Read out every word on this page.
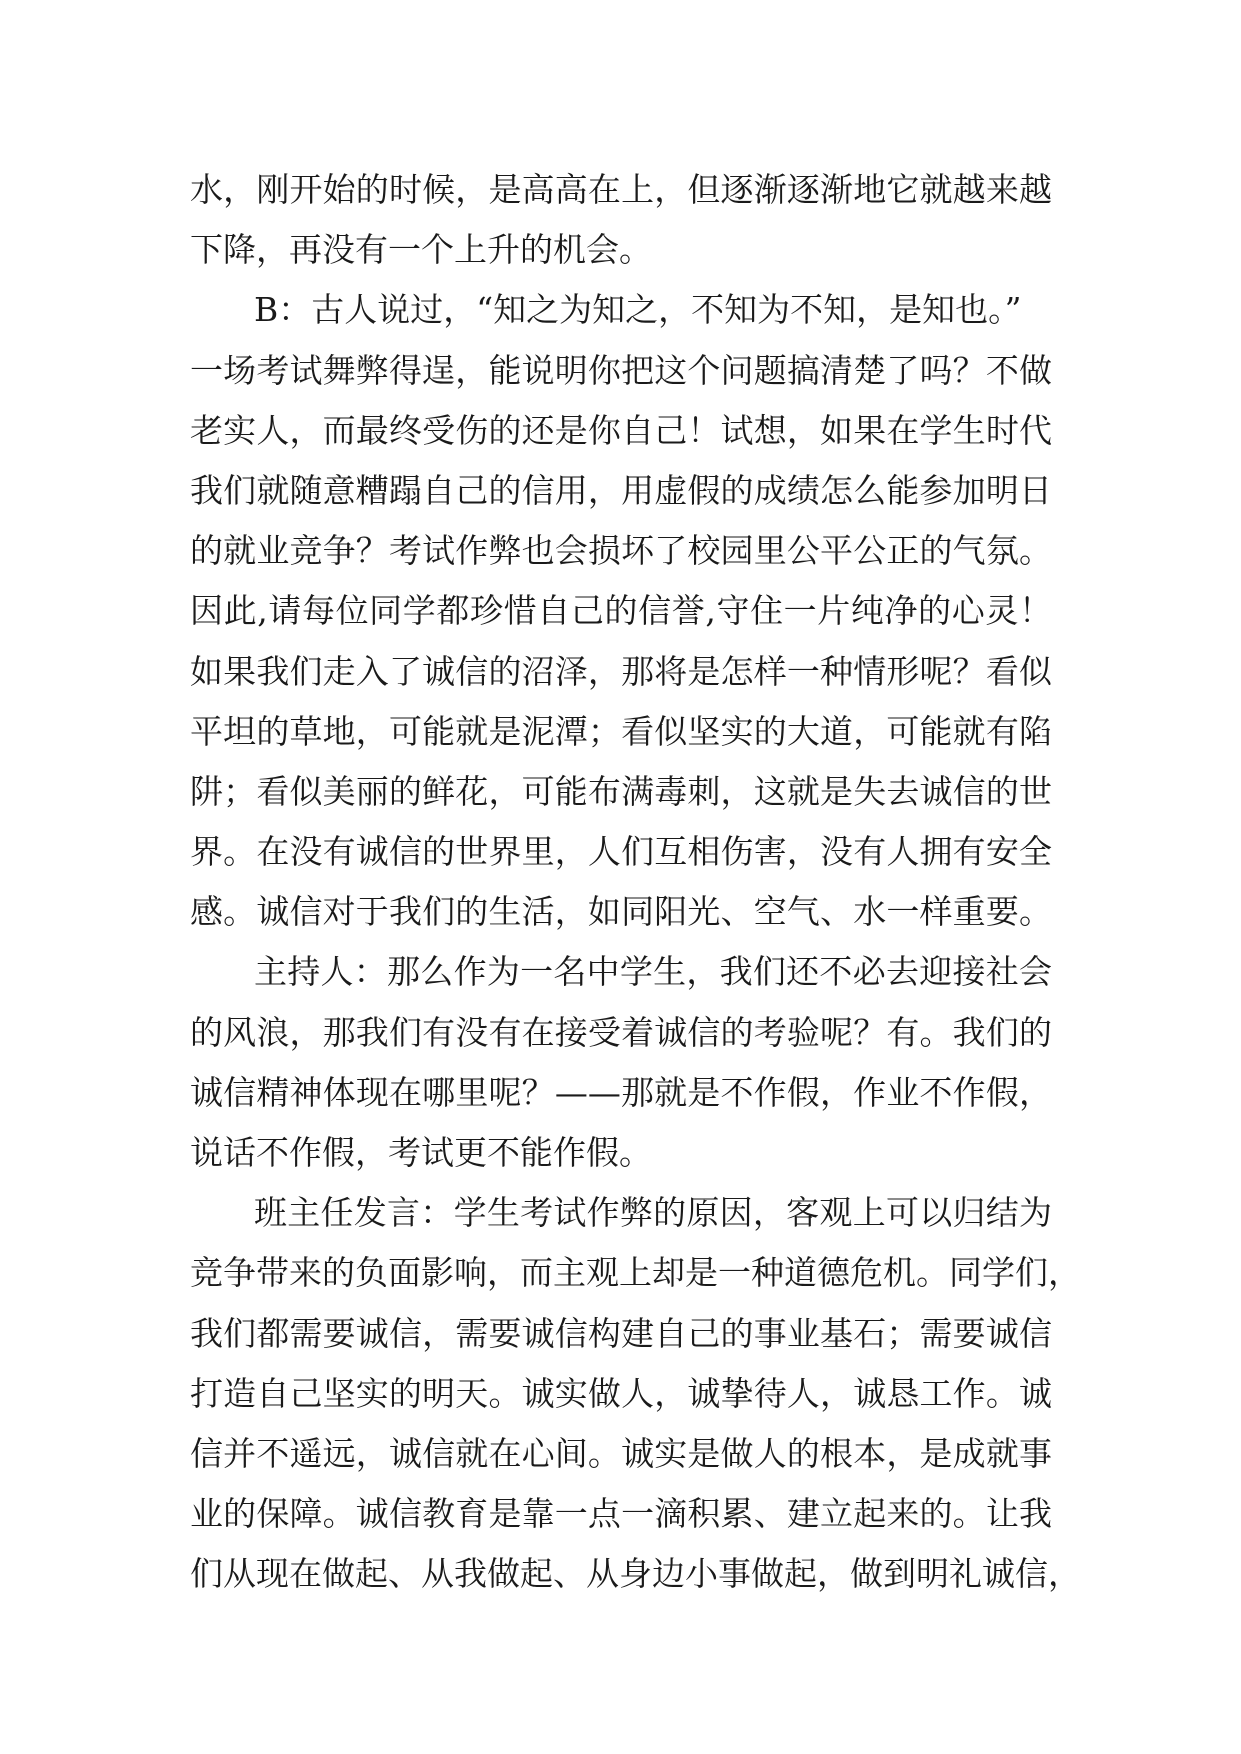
水，刚开始的时候，是高高在上，但逐渐逐渐地它就越来越
下降，再没有一个上升的机会。
B：古人说过，“知之为知之，不知为不知，是知也。”
一场考试舞弊得逞，能说明你把这个问题搞清楚了吗？不做
老实人，而最终受伤的还是你自己！试想，如果在学生时代
我们就随意糟蹋自己的信用，用虚假的成绩怎么能参加明日
的就业竞争？考试作弊也会损坏了校园里公平公正的气氛。
因此,请每位同学都珍惜自己的信誉,守住一片纯净的心灵！
如果我们走入了诚信的沼泽，那将是怎样一种情形呢？看似
平坦的草地，可能就是泥潭；看似坚实的大道，可能就有陷
阱；看似美丽的鲜花，可能布满毒刺，这就是失去诚信的世
界。在没有诚信的世界里，人们互相伤害，没有人拥有安全
感。诚信对于我们的生活，如同阳光、空气、水一样重要。
主持人：那么作为一名中学生，我们还不必去迎接社会
的风浪，那我们有没有在接受着诚信的考验呢？有。我们的
诚信精神体现在哪里呢？——那就是不作假，作业不作假，
说话不作假，考试更不能作假。
班主任发言：学生考试作弊的原因，客观上可以归结为
竞争带来的负面影响，而主观上却是一种道德危机。同学们，
我们都需要诚信，需要诚信构建自己的事业基石；需要诚信
打造自己坚实的明天。诚实做人，诚挚待人，诚恳工作。诚
信并不遥远，诚信就在心间。诚实是做人的根本，是成就事
业的保障。诚信教育是靠一点一滴积累、建立起来的。让我
们从现在做起、从我做起、从身边小事做起，做到明礼诚信，
